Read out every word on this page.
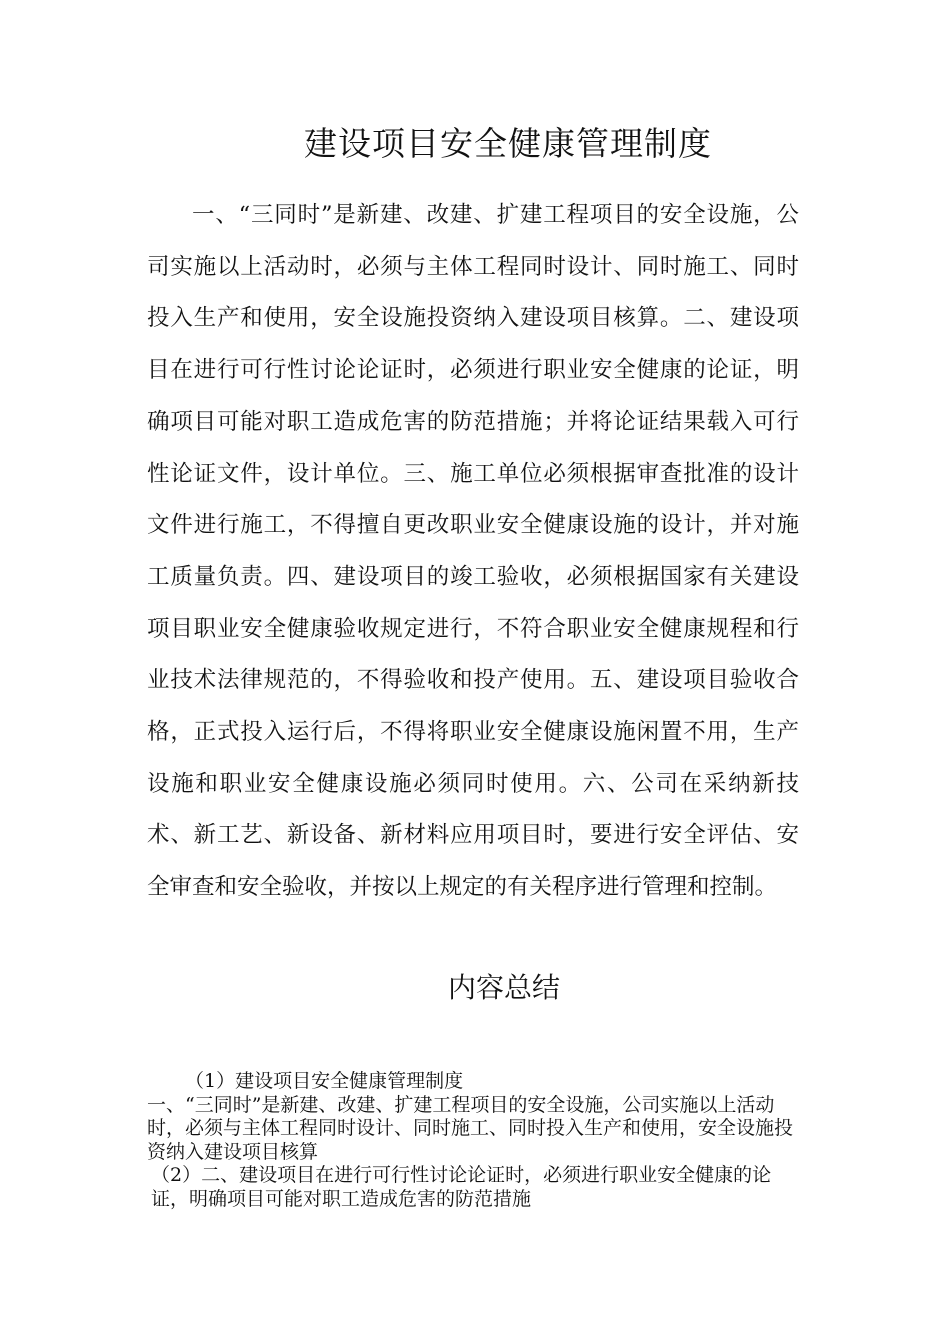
建设项目安全健康管理制度

一、“三同时”是新建、改建、扩建工程项目的安全设施，公司实施以上活动时，必须与主体工程同时设计、同时施工、同时投入生产和使用，安全设施投资纳入建设项目核算。二、建设项目在进行可行性讨论论证时，必须进行职业安全健康的论证，明确项目可能对职工造成危害的防范措施；并将论证结果载入可行性论证文件，设计单位。三、施工单位必须根据审查批准的设计文件进行施工，不得擅自更改职业安全健康设施的设计，并对施工质量负责。四、建设项目的竣工验收，必须根据国家有关建设项目职业安全健康验收规定进行，不符合职业安全健康规程和行业技术法律规范的，不得验收和投产使用。五、建设项目验收合格，正式投入运行后，不得将职业安全健康设施闲置不用，生产设施和职业安全健康设施必须同时使用。六、公司在采纳新技术、新工艺、新设备、新材料应用项目时，要进行安全评估、安全审查和安全验收，并按以上规定的有关程序进行管理和控制。

内容总结

（1）建设项目安全健康管理制度

一、“三同时”是新建、改建、扩建工程项目的安全设施，公司实施以上活动时，必须与主体工程同时设计、同时施工、同时投入生产和使用，安全设施投资纳入建设项目核算

（2）二、建设项目在进行可行性讨论论证时，必须进行职业安全健康的论证，明确项目可能对职工造成危害的防范措施
